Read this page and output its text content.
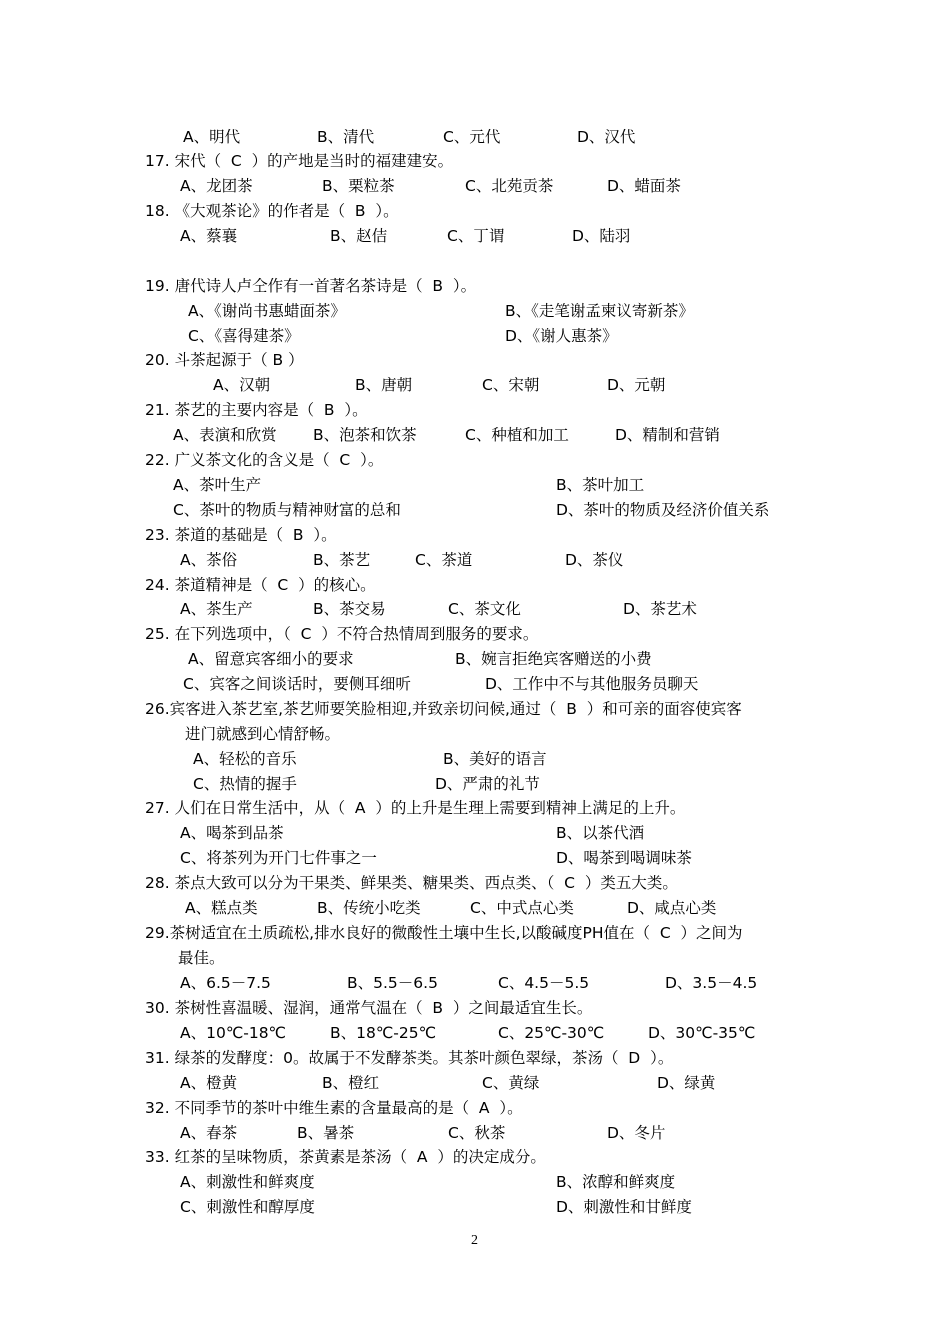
A、明代	B、清代	C、元代	D、汉代
17. 宋代（  C  ）的产地是当时的福建建安。
A、龙团茶	B、栗粒茶	C、北苑贡茶	D、蜡面茶
18. 《大观茶论》的作者是（  B  ）。
A、蔡襄	B、赵佶	C、丁谓	D、陆羽
19. 唐代诗人卢仝作有一首著名茶诗是（  B  ）。
A、《谢尚书惠蜡面茶》	B、《走笔谢孟柬议寄新茶》
C、《喜得建茶》	D、《谢人惠茶》
20. 斗茶起源于（ B ）
A、汉朝	B、唐朝	C、宋朝	D、元朝
21. 茶艺的主要内容是（  B  ）。
A、表演和欣赏 B、泡茶和饮茶	C、种植和加工	D、精制和营销
22. 广义茶文化的含义是（  C  ）。
A、茶叶生产	B、茶叶加工
C、茶叶的物质与精神财富的总和	D、茶叶的物质及经济价值关系
23. 茶道的基础是（  B  ）。
A、茶俗	B、茶艺	C、茶道	D、茶仪
24. 茶道精神是（  C  ）的核心。
A、茶生产	B、茶交易	C、茶文化	D、茶艺术
25. 在下列选项中，（  C  ）不符合热情周到服务的要求。
A、留意宾客细小的要求	B、婉言拒绝宾客赠送的小费
C、宾客之间谈话时，要侧耳细听	D、工作中不与其他服务员聊天
26.宾客进入茶艺室,茶艺师要笑脸相迎,并致亲切问候,通过（  B  ）和可亲的面容使宾客
进门就感到心情舒畅。
A、轻松的音乐	B、美好的语言
C、热情的握手	D、严肃的礼节
27. 人们在日常生活中，从（  A  ）的上升是生理上需要到精神上满足的上升。
A、喝茶到品茶	B、以茶代酒
C、将茶列为开门七件事之一	D、喝茶到喝调味茶
28. 茶点大致可以分为干果类、鲜果类、糖果类、西点类、（  C  ）类五大类。
A、糕点类	B、传统小吃类	C、中式点心类	D、咸点心类
29.茶树适宜在土质疏松,排水良好的微酸性土壤中生长,以酸碱度PH值在（  C  ）之间为
最佳。
A、6.5－7.5	B、5.5－6.5	C、4.5－5.5	D、3.5－4.5
30. 茶树性喜温暖、湿润，通常气温在（  B  ）之间最适宜生长。
A、10℃-18℃	B、18℃-25℃	C、25℃-30℃	D、30℃-35℃
31. 绿茶的发酵度：0。故属于不发酵茶类。其茶叶颜色翠绿，茶汤（  D  ）。
A、橙黄	B、橙红	C、黄绿	D、绿黄
32. 不同季节的茶叶中维生素的含量最高的是（  A  ）。
A、春茶	B、暑茶	C、秋茶	D、冬片
33. 红茶的呈味物质，茶黄素是茶汤（  A  ）的决定成分。
A、刺激性和鲜爽度	B、浓醇和鲜爽度
C、刺激性和醇厚度	D、刺激性和甘鲜度
2
